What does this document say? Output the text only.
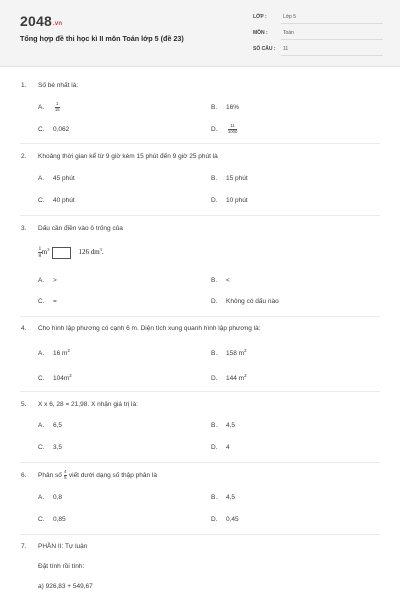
2048.vn
Tổng hợp đề thi học kì II môn Toán lớp 5 (đề 23)
LỚP :	Lớp 5
MÔN :	Toán
SỐ CÂU : 11
1. Số bé nhất là:
A. $\frac{1}{15}$	B. 16%
C. 0,062	D. $\frac{11}{1000}$
2. Khoảng thời gian kể từ 9 giờ kém 15 phút đến 9 giờ 25 phút là
A. 45 phút	B. 15 phút
C. 40 phút	D. 10 phút
3. Dấu cần điền vào ô trống của
$\frac{1}{8} m^3$	126 $dm^3$.
A. >	B. <
C. =	D. Không có dấu nào
4. Cho hình lập phương có cạnh 6 m. Diện tích xung quanh hình lập phương là:
A. 16 $m^2$	B. 158 $m^2$
C. $104m^2$	D. 144 $m^2$
5. X x 6, 28 = 21,98. X nhận giá trị là:
A. 6,5	B. 4,5
C. 3,5	D. 4
6. Phân số $\frac{4}{5}$ viết dưới dạng số thập phân là
A. 0,8	B. 4,5
C. 0,85	D. 0,45
7. PHẦN II: Tự luận
Đặt tính rồi tính:
a) 926,83 + 549,67
